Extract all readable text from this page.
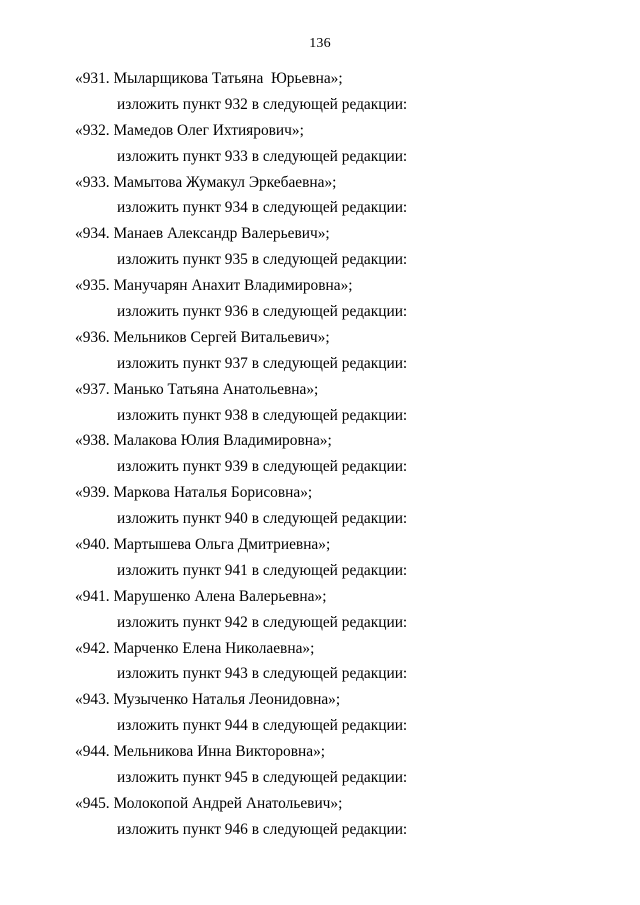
136
«931. Мыларщикова Татьяна  Юрьевна»;
изложить пункт 932 в следующей редакции:
«932. Мамедов Олег Ихтиярович»;
изложить пункт 933 в следующей редакции:
«933. Мамытова Жумакул Эркебаевна»;
изложить пункт 934 в следующей редакции:
«934. Манаев Александр Валерьевич»;
изложить пункт 935 в следующей редакции:
«935. Манучарян Анахит Владимировна»;
изложить пункт 936 в следующей редакции:
«936. Мельников Сергей Витальевич»;
изложить пункт 937 в следующей редакции:
«937. Манько Татьяна Анатольевна»;
изложить пункт 938 в следующей редакции:
«938. Малакова Юлия Владимировна»;
изложить пункт 939 в следующей редакции:
«939. Маркова Наталья Борисовна»;
изложить пункт 940 в следующей редакции:
«940. Мартышева Ольга Дмитриевна»;
изложить пункт 941 в следующей редакции:
«941. Марушенко Алена Валерьевна»;
изложить пункт 942 в следующей редакции:
«942. Марченко Елена Николаевна»;
изложить пункт 943 в следующей редакции:
«943. Музыченко Наталья Леонидовна»;
изложить пункт 944 в следующей редакции:
«944. Мельникова Инна Викторовна»;
изложить пункт 945 в следующей редакции:
«945. Молокопой Андрей Анатольевич»;
изложить пункт 946 в следующей редакции:
